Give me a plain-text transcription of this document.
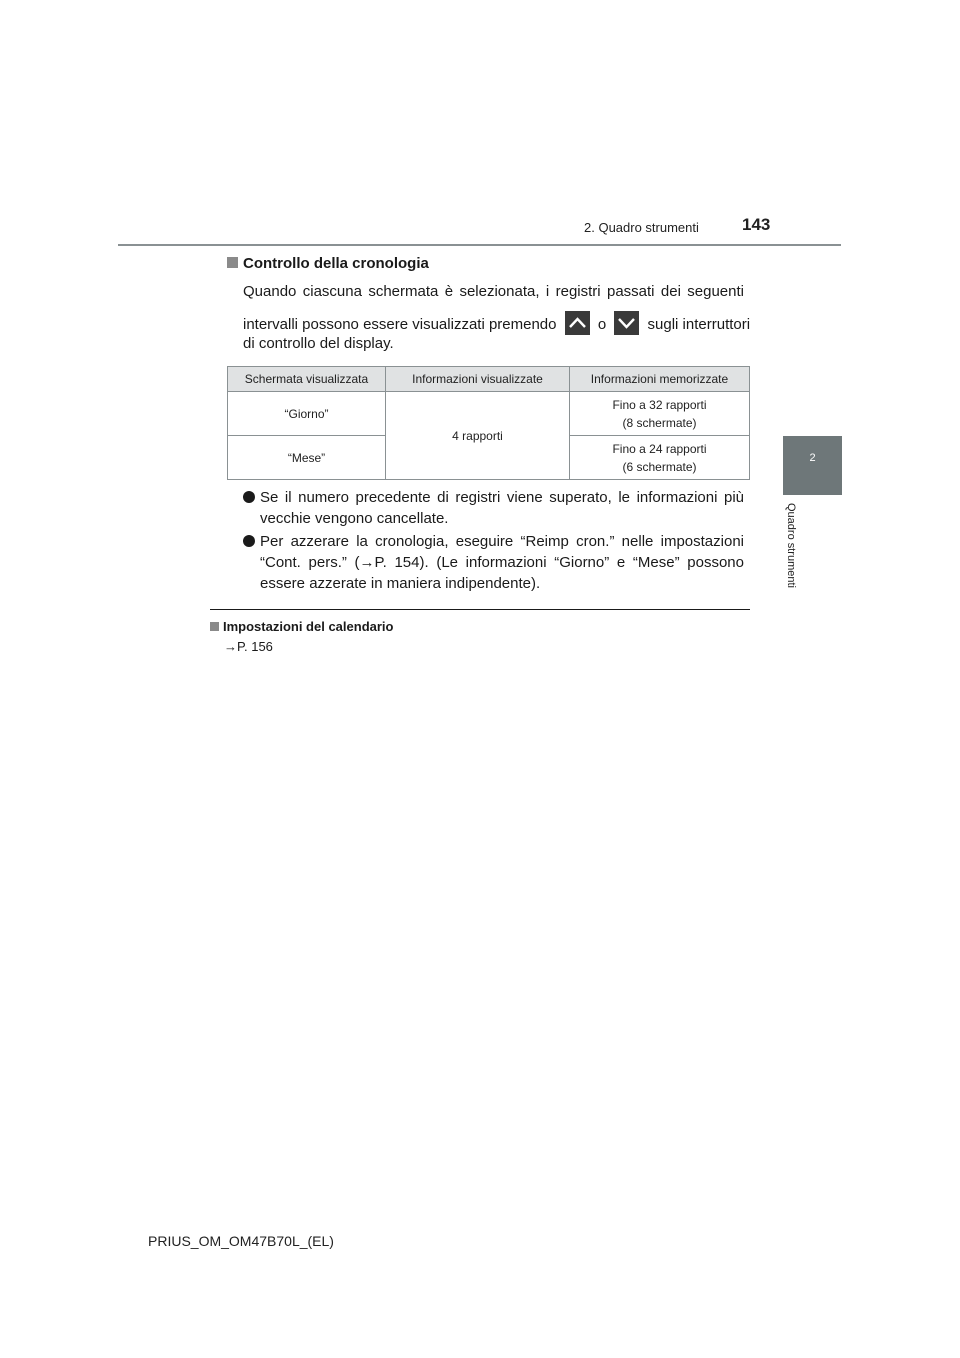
2. Quadro strumenti	143
2
Quadro strumenti
Controllo della cronologia
Quando ciascuna schermata è selezionata, i registri passati dei seguenti
intervalli possono essere visualizzati premendo	o	sugli interruttori
di controllo del display.
Schermata visualizzata	Informazioni visualizzate	Informazioni memorizzate
“Giorno”	4 rapporti	Fino a 32 rapporti
(8 schermate)

“Mese”		Fino a 24 rapporti
(6 schermate)
Se il numero precedente di registri viene superato, le informazioni più vecchie vengono cancellate.
Per azzerare la cronologia, eseguire “Reimp cron.” nelle impostazioni “Cont. pers.” (→P. 154). (Le informazioni “Giorno” e “Mese” possono essere azzerate in maniera indipendente).
Impostazioni del calendario
→P. 156
PRIUS_OM_OM47B70L_(EL)
